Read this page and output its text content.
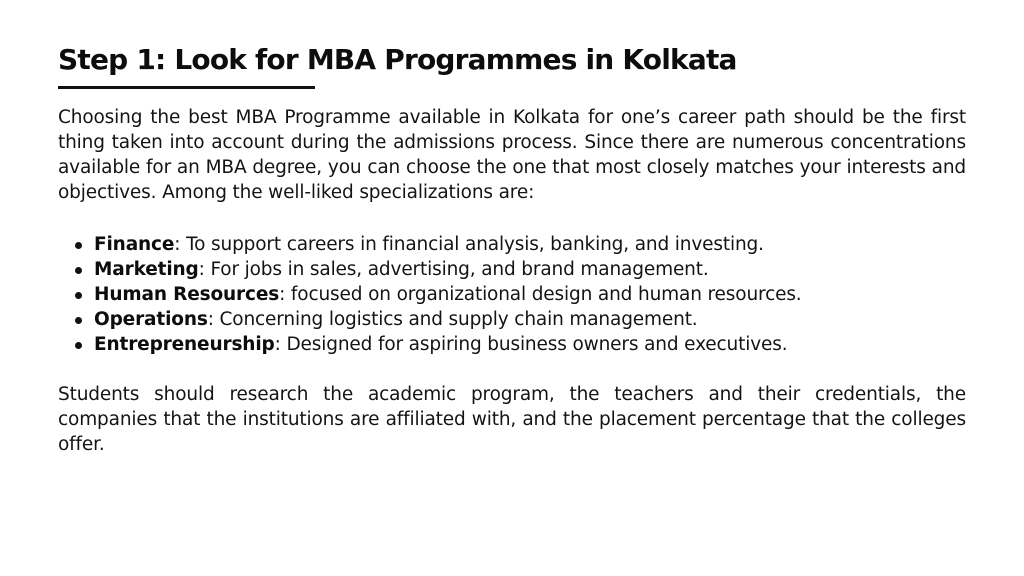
Step 1: Look for MBA Programmes in Kolkata

Choosing the best MBA Programme available in Kolkata for one’s career path should be the first thing taken into account during the admissions process. Since there are numerous concentrations available for an MBA degree, you can choose the one that most closely matches your interests and objectives. Among the well-liked specializations are:

Finance: To support careers in financial analysis, banking, and investing.
Marketing: For jobs in sales, advertising, and brand management.
Human Resources: focused on organizational design and human resources.
Operations: Concerning logistics and supply chain management.
Entrepreneurship: Designed for aspiring business owners and executives.

Students should research the academic program, the teachers and their credentials, the companies that the institutions are affiliated with, and the placement percentage that the colleges offer.
